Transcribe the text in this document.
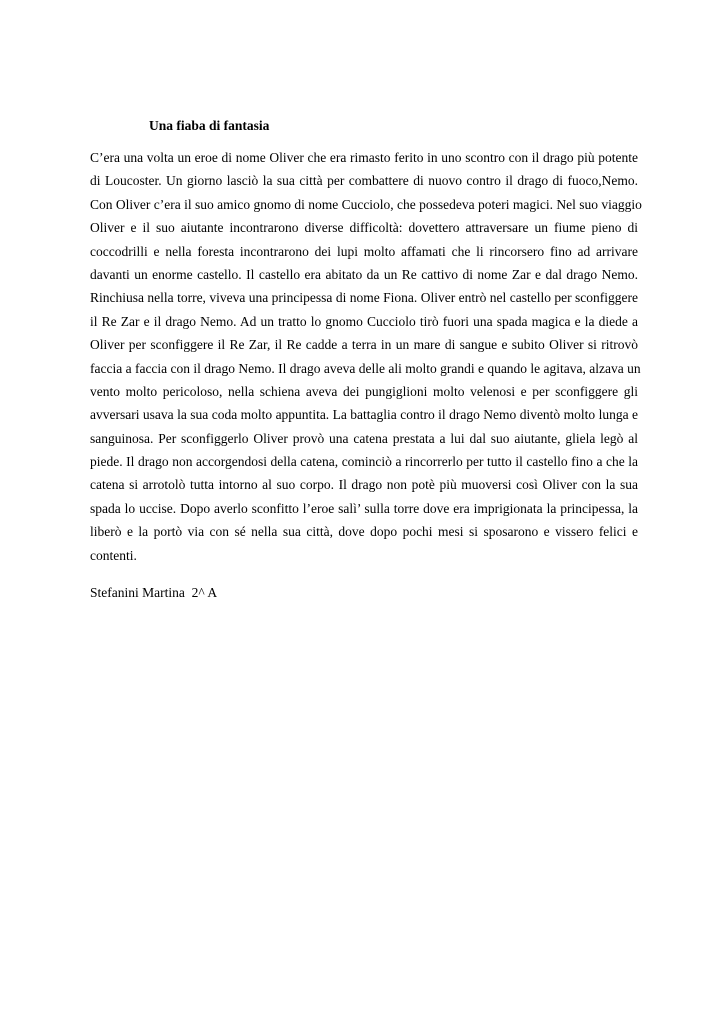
Una fiaba di fantasia

C’era una volta un eroe di nome Oliver che era rimasto ferito in uno scontro con il drago più potente
di Loucoster. Un giorno lasciò la sua città per combattere di nuovo contro il drago di fuoco,Nemo.
Con Oliver c’era il suo amico gnomo di nome Cucciolo, che possedeva poteri magici. Nel suo viaggio
Oliver e il suo aiutante incontrarono diverse difficoltà: dovettero attraversare un fiume pieno di
coccodrilli e nella foresta incontrarono dei lupi molto affamati che li rincorsero fino ad arrivare
davanti un enorme castello. Il castello era abitato da un Re cattivo di nome Zar e dal drago Nemo.
Rinchiusa nella torre, viveva una principessa di nome Fiona. Oliver entrò nel castello per sconfiggere
il Re Zar e il drago Nemo. Ad un tratto lo gnomo Cucciolo tirò fuori una spada magica e la diede a
Oliver per sconfiggere il Re Zar, il Re cadde a terra in un mare di sangue e subito Oliver si ritrovò
faccia a faccia con il drago Nemo. Il drago aveva delle ali molto grandi e quando le agitava, alzava un
vento molto pericoloso, nella schiena aveva dei pungiglioni molto velenosi e per sconfiggere gli
avversari usava la sua coda molto appuntita. La battaglia contro il drago Nemo diventò molto lunga e
sanguinosa. Per sconfiggerlo Oliver provò una catena prestata a lui dal suo aiutante, gliela legò al
piede. Il drago non accorgendosi della catena, cominciò a rincorrerlo per tutto il castello fino a che la
catena si arrotolò tutta intorno al suo corpo. Il drago non potè più muoversi così Oliver con la sua
spada lo uccise. Dopo averlo sconfitto l’eroe salì’ sulla torre dove era imprigionata la principessa, la
liberò e la portò via con sé nella sua città, dove dopo pochi mesi si sposarono e vissero felici e
contenti.

Stefanini Martina  2^ A
